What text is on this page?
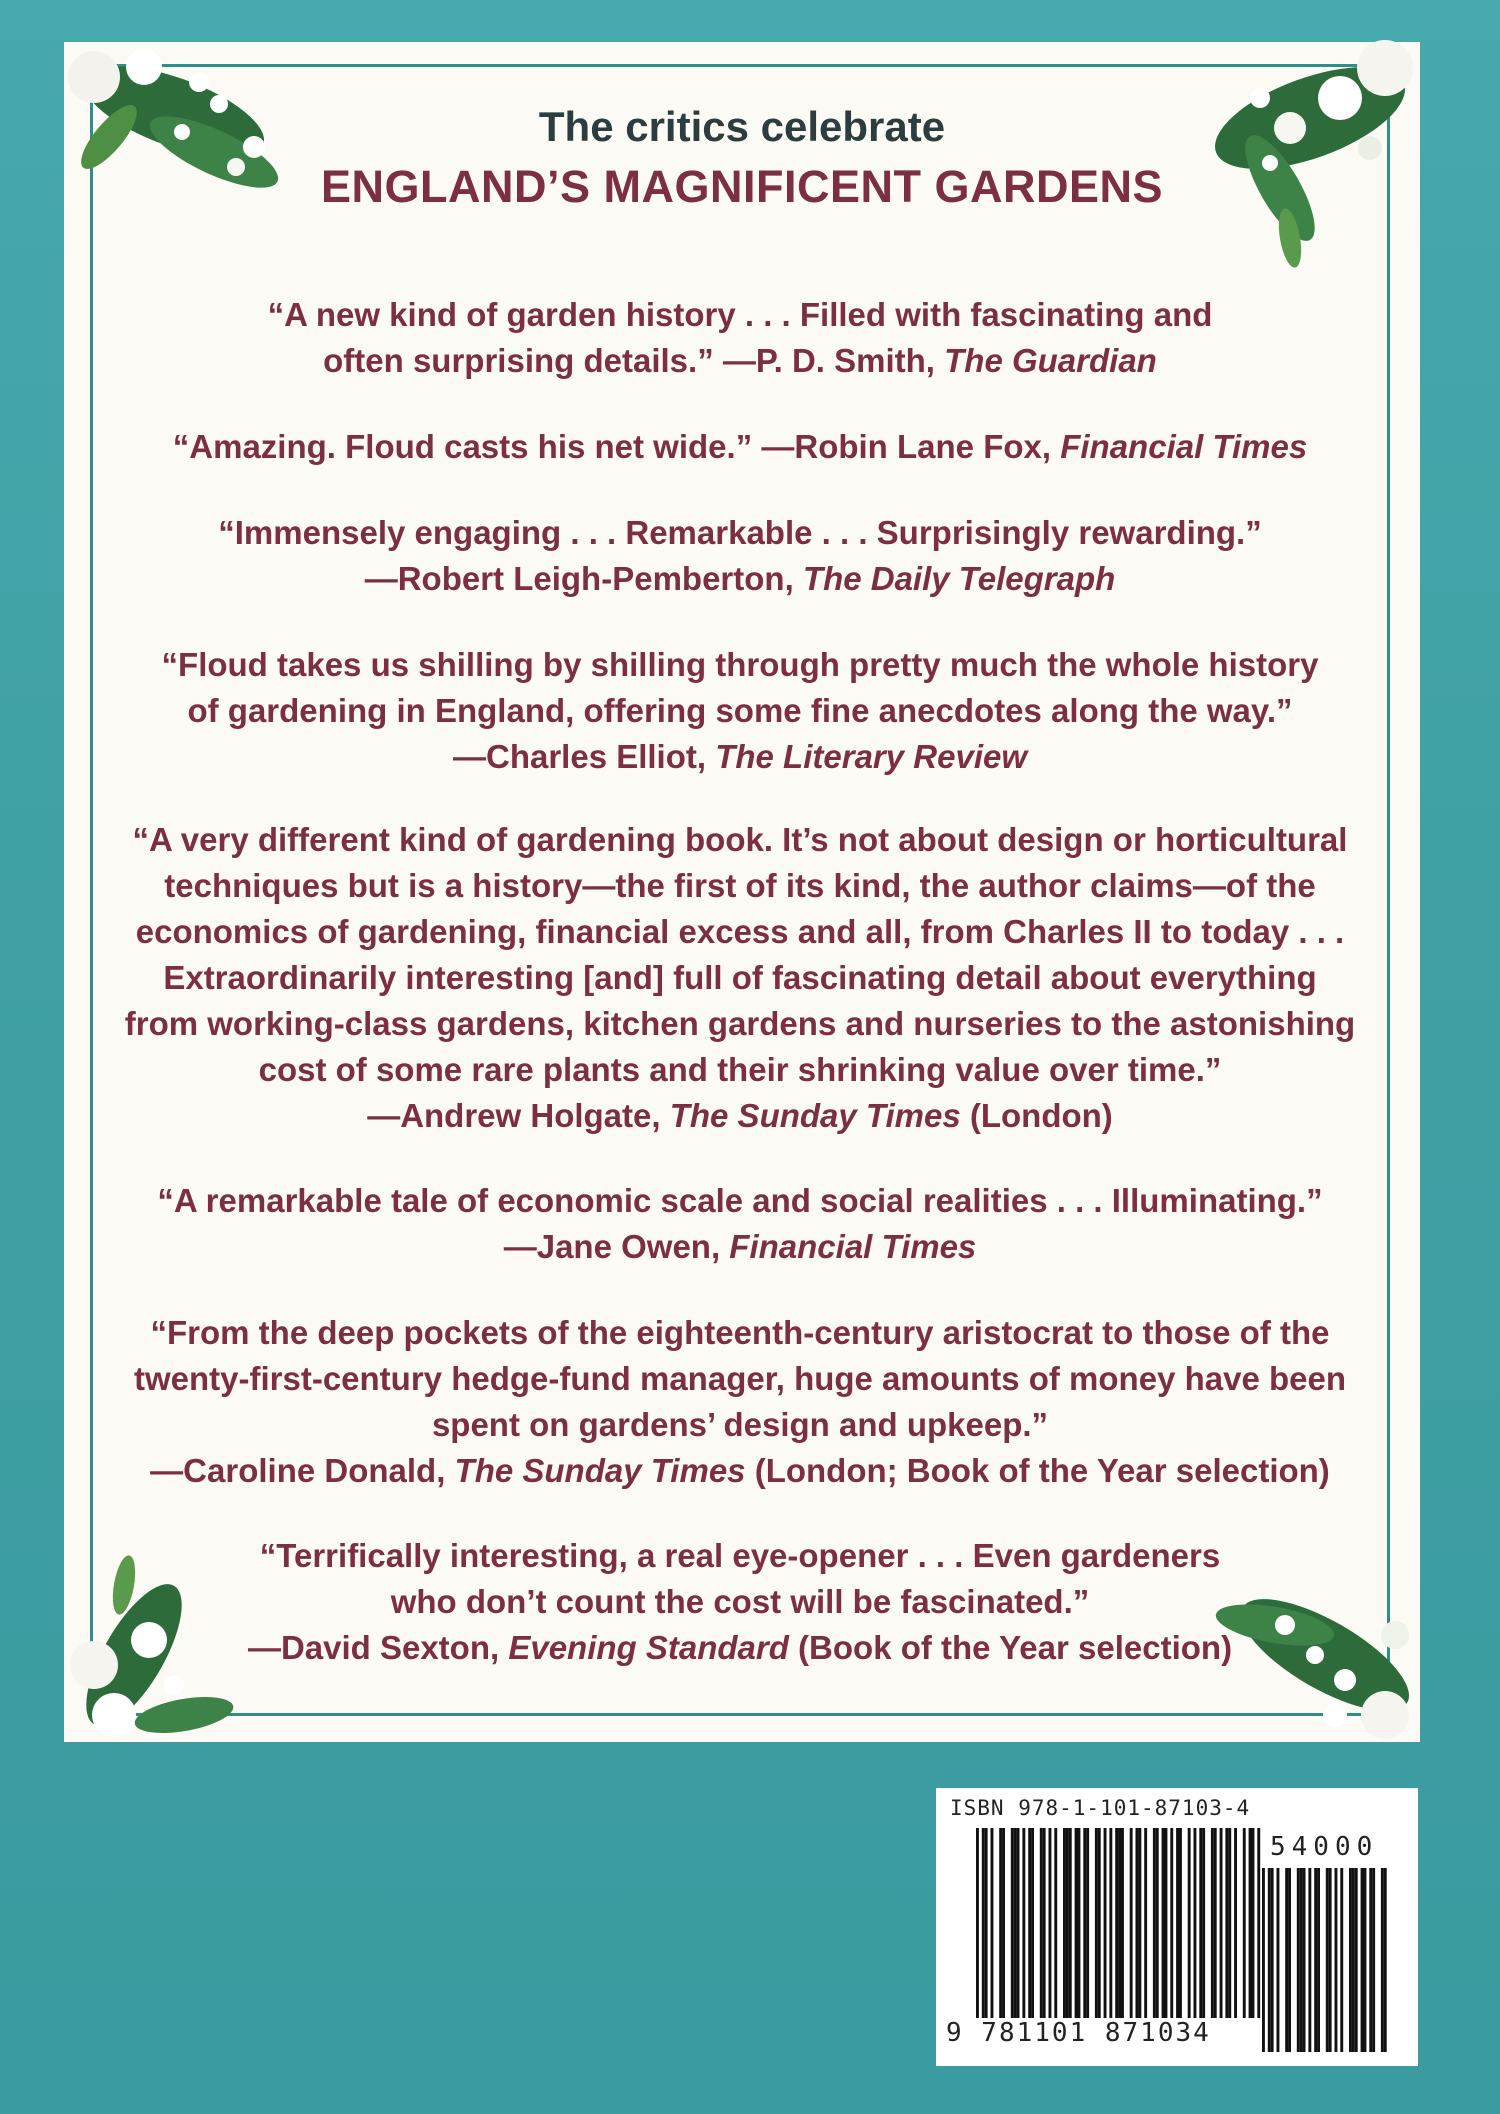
The critics celebrate
ENGLAND’S MAGNIFICENT GARDENS
“A new kind of garden history . . . Filled with fascinating and
often surprising details.” —P. D. Smith, The Guardian
“Amazing. Floud casts his net wide.” —Robin Lane Fox, Financial Times
“Immensely engaging . . . Remarkable . . . Surprisingly rewarding.”
—Robert Leigh-Pemberton, The Daily Telegraph
“Floud takes us shilling by shilling through pretty much the whole history
of gardening in England, offering some fine anecdotes along the way.”
—Charles Elliot, The Literary Review
“A very different kind of gardening book. It’s not about design or horticultural
techniques but is a history—the first of its kind, the author claims—of the
economics of gardening, financial excess and all, from Charles II to today . . .
Extraordinarily interesting [and] full of fascinating detail about everything
from working-class gardens, kitchen gardens and nurseries to the astonishing
cost of some rare plants and their shrinking value over time.”
—Andrew Holgate, The Sunday Times (London)
“A remarkable tale of economic scale and social realities . . . Illuminating.”
—Jane Owen, Financial Times
“From the deep pockets of the eighteenth-century aristocrat to those of the
twenty-first-century hedge-fund manager, huge amounts of money have been
spent on gardens’ design and upkeep.”
—Caroline Donald, The Sunday Times (London; Book of the Year selection)
“Terrifically interesting, a real eye-opener . . . Even gardeners
who don’t count the cost will be fascinated.”
—David Sexton, Evening Standard (Book of the Year selection)
ISBN 978-1-101-87103-4
54000
9 781101 871034
